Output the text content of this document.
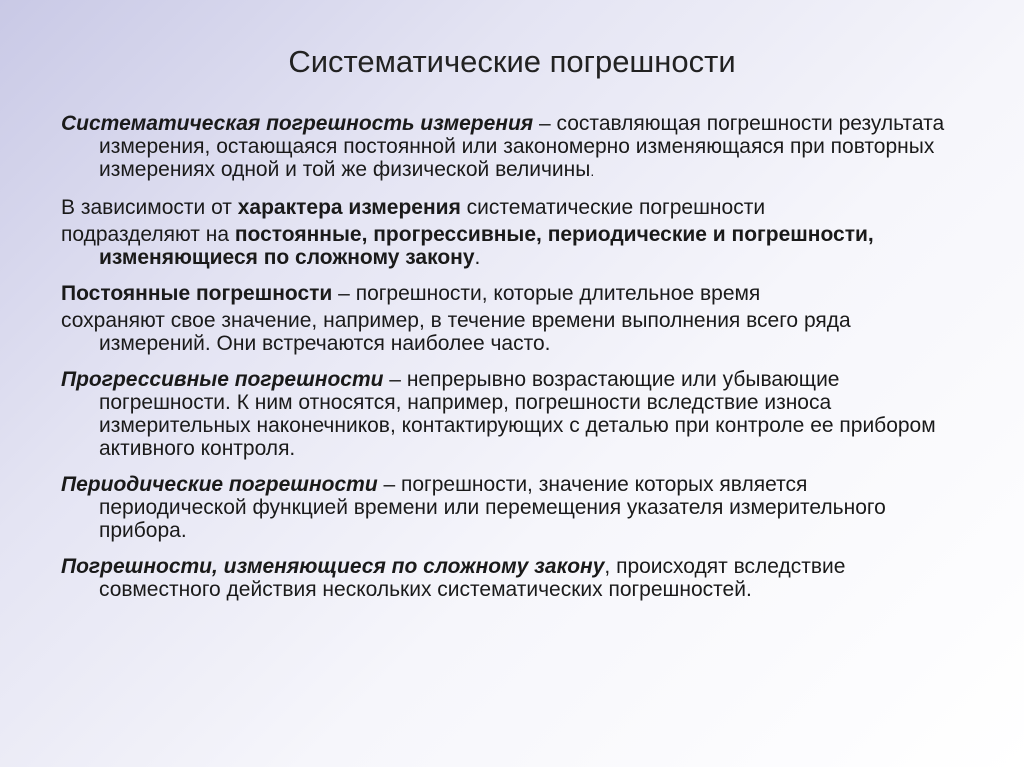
Систематические погрешности

Систематическая погрешность измерения – составляющая погрешности результата измерения, остающаяся постоянной или закономерно изменяющаяся при повторных измерениях одной и той же физической величины.

В зависимости от характера измерения систематические погрешности

подразделяют на постоянные, прогрессивные, периодические и погрешности, изменяющиеся по сложному закону.

Постоянные погрешности – погрешности, которые длительное время

сохраняют свое значение, например, в течение времени выполнения всего ряда измерений. Они встречаются наиболее часто.

Прогрессивные погрешности – непрерывно возрастающие или убывающие погрешности. К ним относятся, например, погрешности вследствие износа измерительных наконечников, контактирующих с деталью при контроле ее прибором активного контроля.

Периодические погрешности – погрешности, значение которых является периодической функцией времени или перемещения указателя измерительного прибора.

Погрешности, изменяющиеся по сложному закону, происходят вследствие совместного действия нескольких систематических погрешностей.
